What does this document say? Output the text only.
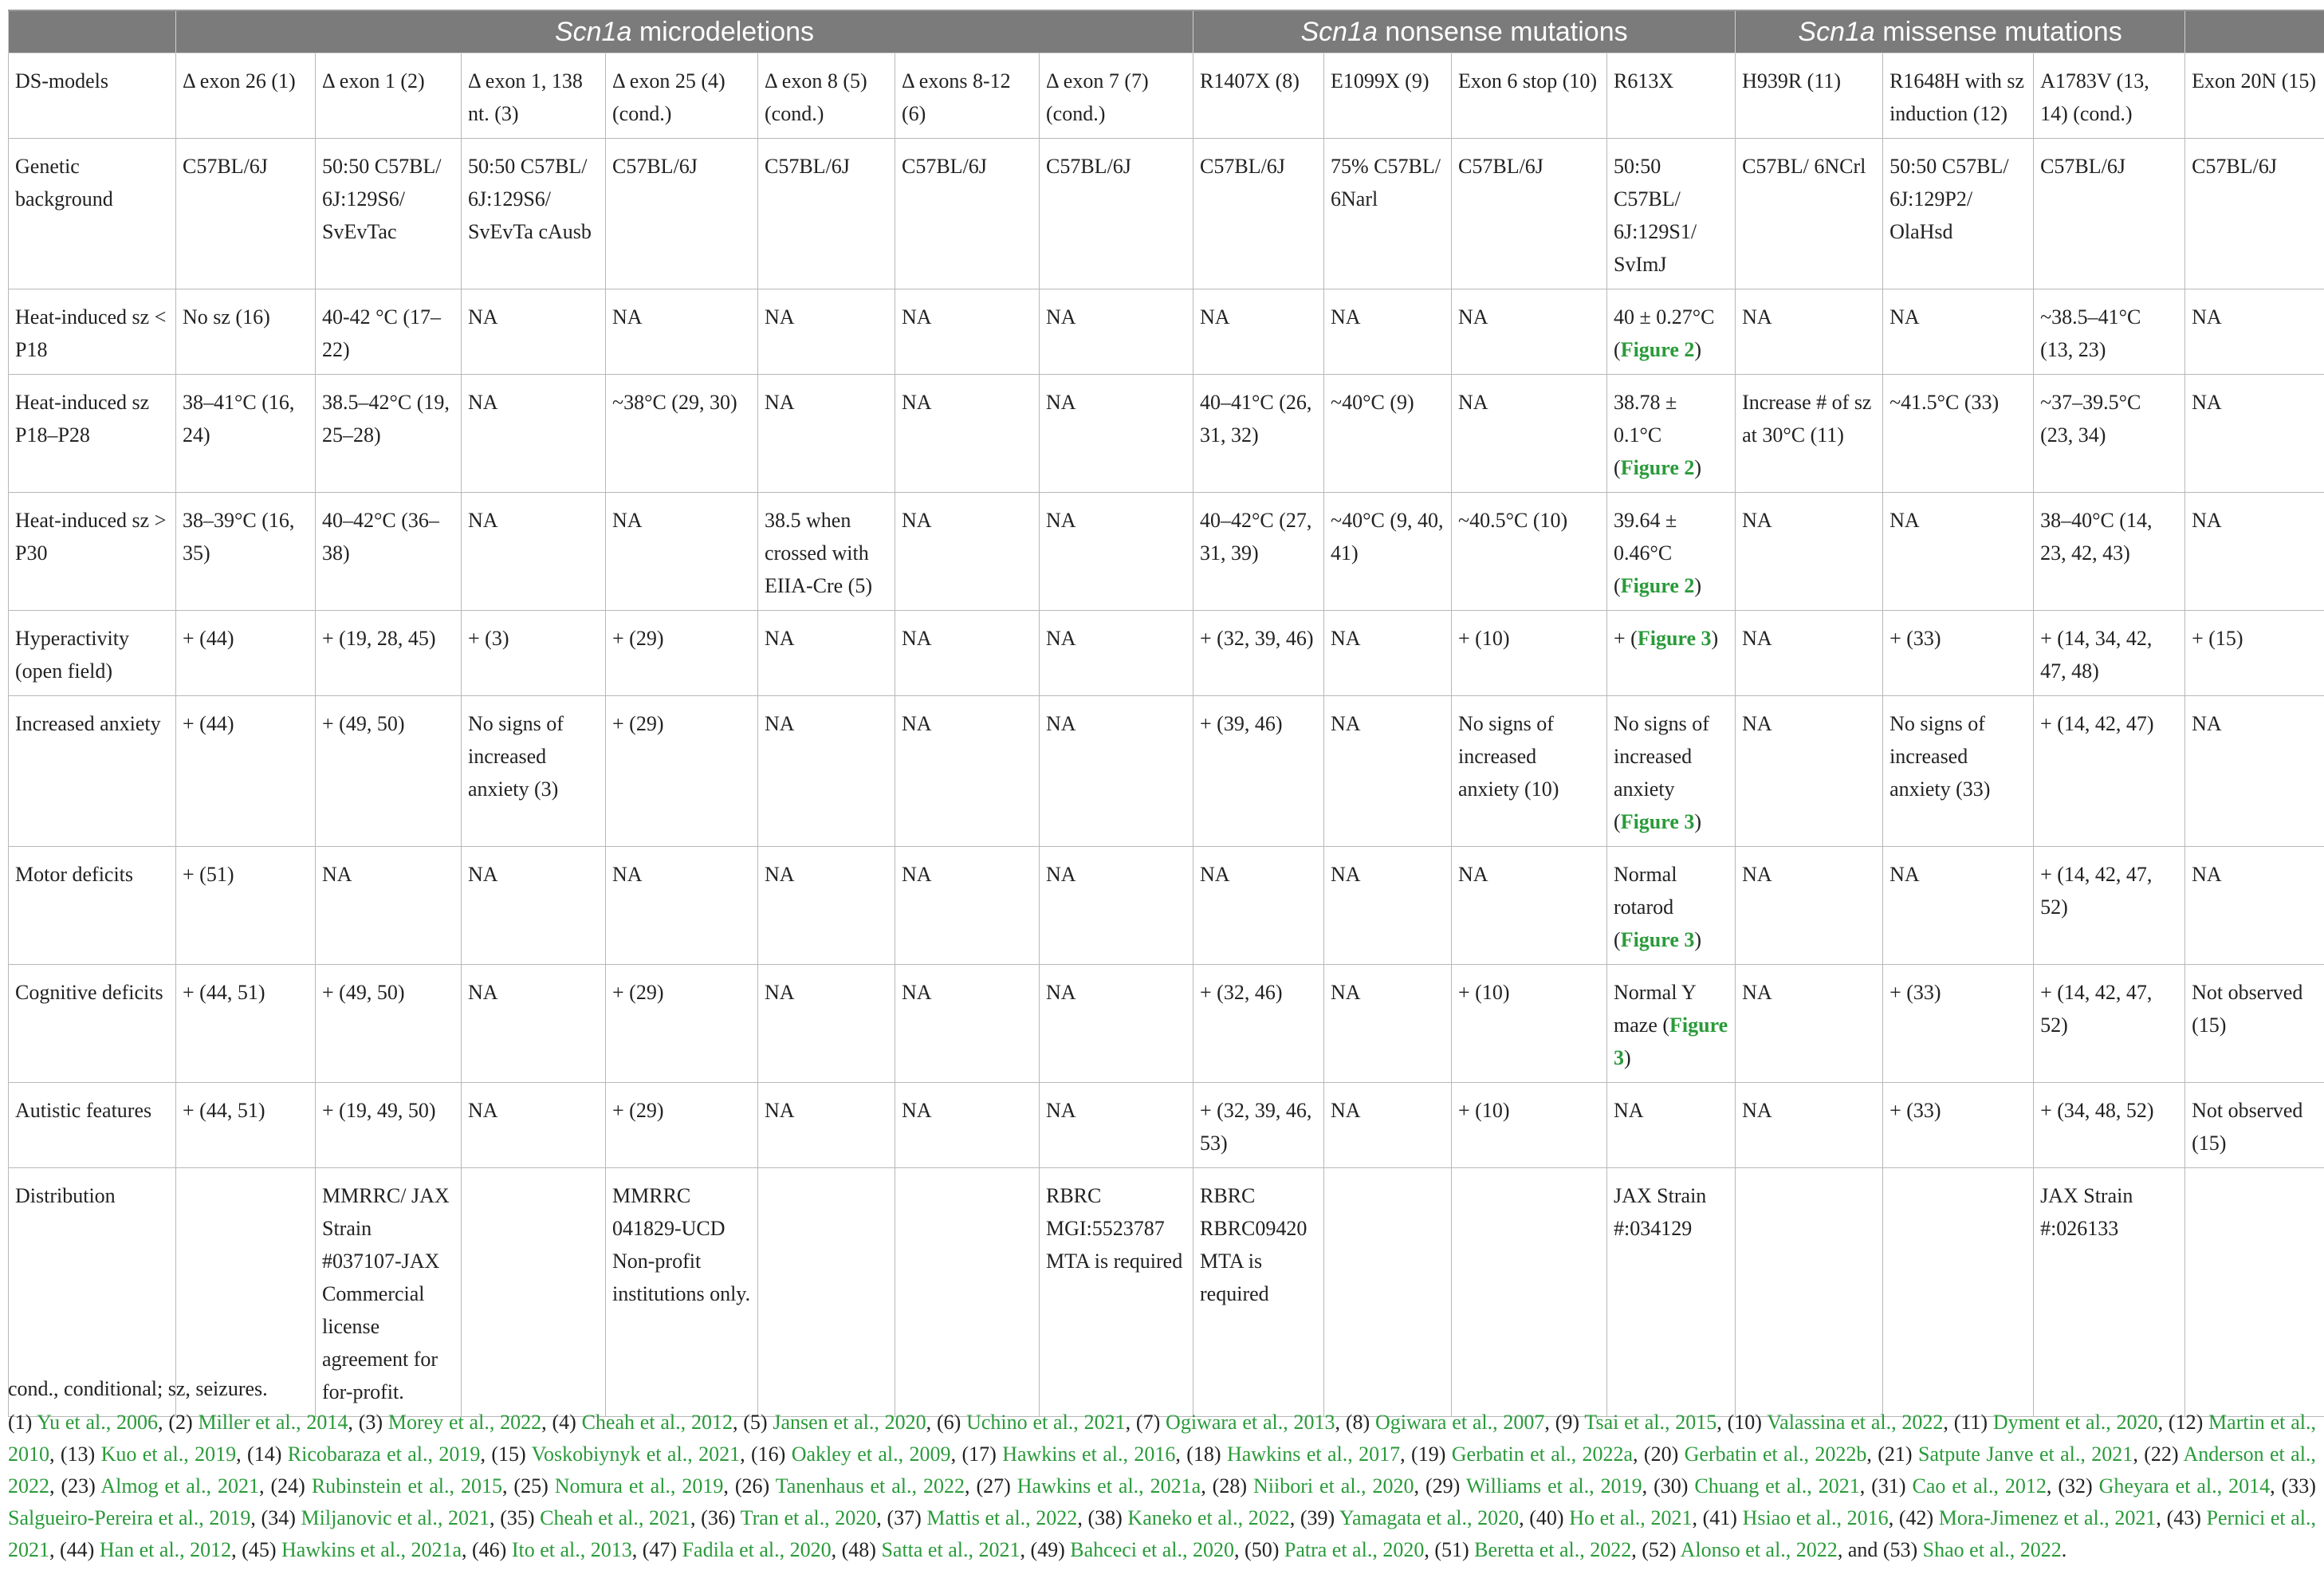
	Scn1a microdeletions							Scn1a nonsense mutations				Scn1a missense mutations			
DS-models	Δ exon 26 (1)	Δ exon 1 (2)	Δ exon 1, 138 nt. (3)	Δ exon 25 (4) (cond.)	Δ exon 8 (5) (cond.)	Δ exons 8-12 (6)	Δ exon 7 (7) (cond.)	R1407X (8)	E1099X (9)	Exon 6 stop (10)	R613X	H939R (11)	R1648H with sz induction (12)	A1783V (13, 14) (cond.)	Exon 20N (15)
Genetic background	C57BL/6J	50:50 C57BL/ 6J:129S6/ SvEvTac	50:50 C57BL/ 6J:129S6/ SvEvTa cAusb	C57BL/6J	C57BL/6J	C57BL/6J	C57BL/6J	C57BL/6J	75% C57BL/ 6Narl	C57BL/6J	50:50 C57BL/ 6J:129S1/ SvImJ	C57BL/ 6NCrl	50:50 C57BL/ 6J:129P2/ OlaHsd	C57BL/6J	C57BL/6J
Heat-induced sz < P18	No sz (16)	40-42 °C (17–22)	NA	NA	NA	NA	NA	NA	NA	NA	40 ± 0.27°C (Figure 2)	NA	NA	~38.5–41°C (13, 23)	NA
Heat-induced sz P18–P28	38–41°C (16, 24)	38.5–42°C (19, 25–28)	NA	~38°C (29, 30)	NA	NA	NA	40–41°C (26, 31, 32)	~40°C (9)	NA	38.78 ± 0.1°C (Figure 2)	Increase # of sz at 30°C (11)	~41.5°C (33)	~37–39.5°C (23, 34)	NA
Heat-induced sz > P30	38–39°C (16, 35)	40–42°C (36–38)	NA	NA	38.5 when crossed with EIIA-Cre (5)	NA	NA	40–42°C (27, 31, 39)	~40°C (9, 40, 41)	~40.5°C (10)	39.64 ± 0.46°C (Figure 2)	NA	NA	38–40°C (14, 23, 42, 43)	NA
Hyperactivity (open field)	+ (44)	+ (19, 28, 45)	+ (3)	+ (29)	NA	NA	NA	+ (32, 39, 46)	NA	+ (10)	+ (Figure 3)	NA	+ (33)	+ (14, 34, 42, 47, 48)	+ (15)
Increased anxiety	+ (44)	+ (49, 50)	No signs of increased anxiety (3)	+ (29)	NA	NA	NA	+ (39, 46)	NA	No signs of increased anxiety (10)	No signs of increased anxiety (Figure 3)	NA	No signs of increased anxiety (33)	+ (14, 42, 47)	NA
Motor deficits	+ (51)	NA	NA	NA	NA	NA	NA	NA	NA	NA	Normal rotarod (Figure 3)	NA	NA	+ (14, 42, 47, 52)	NA
Cognitive deficits	+ (44, 51)	+ (49, 50)	NA	+ (29)	NA	NA	NA	+ (32, 46)	NA	+ (10)	Normal Y maze (Figure 3)	NA	+ (33)	+ (14, 42, 47, 52)	Not observed (15)
Autistic features	+ (44, 51)	+ (19, 49, 50)	NA	+ (29)	NA	NA	NA	+ (32, 39, 46, 53)	NA	+ (10)	NA	NA	+ (33)	+ (34, 48, 52)	Not observed (15)
Distribution		MMRRC/ JAX Strain #037107-JAX Commercial license agreement for for-profit.		MMRRC 041829-UCD Non-profit institutions only.			RBRC MGI:5523787 MTA is required	RBRC RBRC09420 MTA is required			JAX Strain #:034129			JAX Strain #:026133	
cond., conditional; sz, seizures.
(1) Yu et al., 2006, (2) Miller et al., 2014, (3) Morey et al., 2022, (4) Cheah et al., 2012, (5) Jansen et al., 2020, (6) Uchino et al., 2021, (7) Ogiwara et al., 2013, (8) Ogiwara et al., 2007, (9) Tsai et al., 2015, (10) Valassina et al., 2022, (11) Dyment et al., 2020, (12) Martin et al., 2010, (13) Kuo et al., 2019, (14) Ricobaraza et al., 2019, (15) Voskobiynyk et al., 2021, (16) Oakley et al., 2009, (17) Hawkins et al., 2016, (18) Hawkins et al., 2017, (19) Gerbatin et al., 2022a, (20) Gerbatin et al., 2022b, (21) Satpute Janve et al., 2021, (22) Anderson et al., 2022, (23) Almog et al., 2021, (24) Rubinstein et al., 2015, (25) Nomura et al., 2019, (26) Tanenhaus et al., 2022, (27) Hawkins et al., 2021a, (28) Niibori et al., 2020, (29) Williams et al., 2019, (30) Chuang et al., 2021, (31) Cao et al., 2012, (32) Gheyara et al., 2014, (33) Salgueiro-Pereira et al., 2019, (34) Miljanovic et al., 2021, (35) Cheah et al., 2021, (36) Tran et al., 2020, (37) Mattis et al., 2022, (38) Kaneko et al., 2022, (39) Yamagata et al., 2020, (40) Ho et al., 2021, (41) Hsiao et al., 2016, (42) Mora-Jimenez et al., 2021, (43) Pernici et al., 2021, (44) Han et al., 2012, (45) Hawkins et al., 2021a, (46) Ito et al., 2013, (47) Fadila et al., 2020, (48) Satta et al., 2021, (49) Bahceci et al., 2020, (50) Patra et al., 2020, (51) Beretta et al., 2022, (52) Alonso et al., 2022, and (53) Shao et al., 2022.
